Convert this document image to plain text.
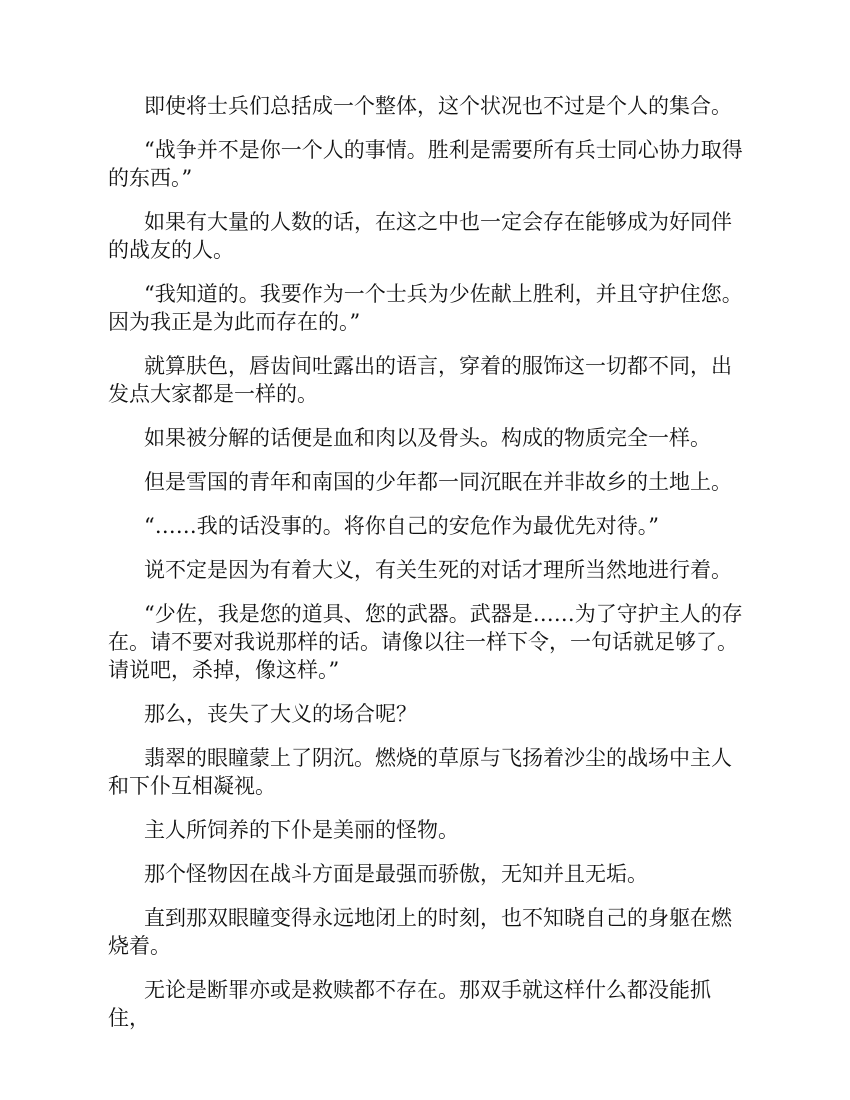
即使将士兵们总括成一个整体，这个状况也不过是个人的集合。

“战争并不是你一个人的事情。胜利是需要所有兵士同心协力取得的东西。”

如果有大量的人数的话，在这之中也一定会存在能够成为好同伴的战友的人。

“我知道的。我要作为一个士兵为少佐献上胜利，并且守护住您。因为我正是为此而存在的。”

就算肤色，唇齿间吐露出的语言，穿着的服饰这一切都不同，出发点大家都是一样的。

如果被分解的话便是血和肉以及骨头。构成的物质完全一样。

但是雪国的青年和南国的少年都一同沉眠在并非故乡的土地上。

“……我的话没事的。将你自己的安危作为最优先对待。”

说不定是因为有着大义，有关生死的对话才理所当然地进行着。

“少佐，我是您的道具、您的武器。武器是……为了守护主人的存在。请不要对我说那样的话。请像以往一样下令，一句话就足够了。请说吧，杀掉，像这样。”

那么，丧失了大义的场合呢？

翡翠的眼瞳蒙上了阴沉。燃烧的草原与飞扬着沙尘的战场中主人和下仆互相凝视。

主人所饲养的下仆是美丽的怪物。

那个怪物因在战斗方面是最强而骄傲，无知并且无垢。

直到那双眼瞳变得永远地闭上的时刻，也不知晓自己的身躯在燃烧着。

无论是断罪亦或是救赎都不存在。那双手就这样什么都没能抓住，
